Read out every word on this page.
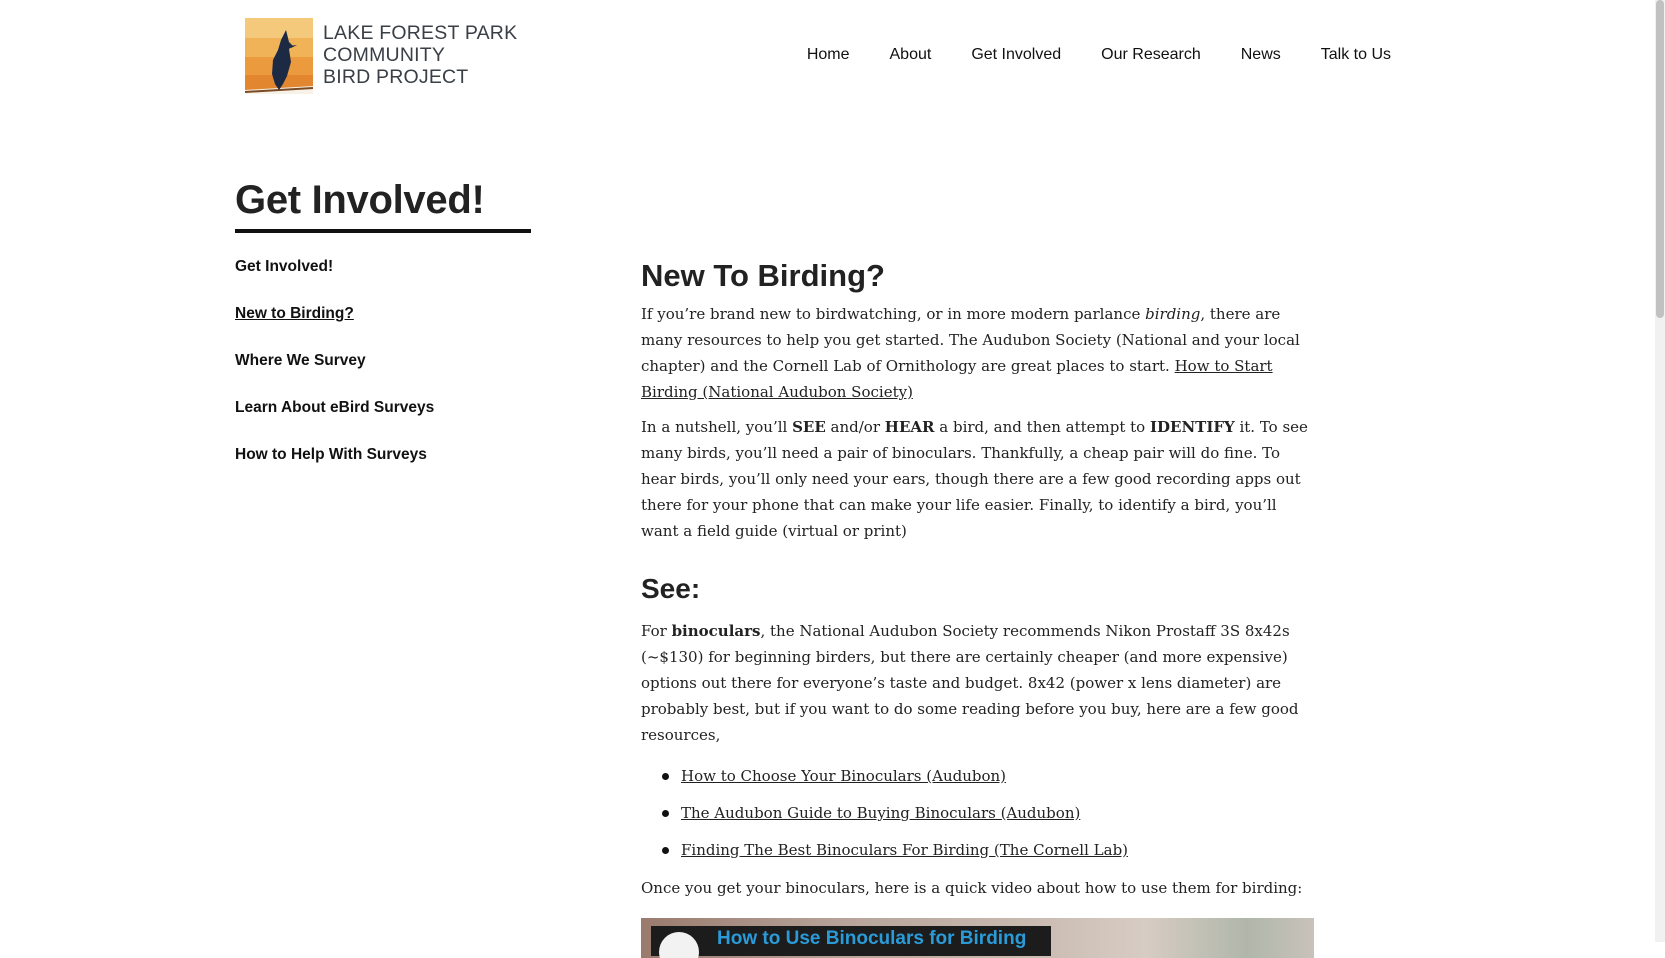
LAKE FOREST PARK
COMMUNITY
BIRD PROJECT
Home	About	Get Involved	Our Research	News	Talk to Us
Get Involved!
Get Involved!
New to Birding?
Where We Survey
Learn About eBird Surveys
How to Help With Surveys
New To Birding?

If you’re brand new to birdwatching, or in more modern parlance birding, there are many resources to help you get started. The Audubon Society (National and your local chapter) and the Cornell Lab of Ornithology are great places to start. How to Start Birding (National Audubon Society)

In a nutshell, you’ll SEE and/or HEAR a bird, and then attempt to IDENTIFY it. To see many birds, you’ll need a pair of binoculars. Thankfully, a cheap pair will do fine. To hear birds, you’ll only need your ears, though there are a few good recording apps out there for your phone that can make your life easier. Finally, to identify a bird, you’ll want a field guide (virtual or print)

See:

For binoculars, the National Audubon Society recommends Nikon Prostaff 3S 8x42s (~$130) for beginning birders, but there are certainly cheaper (and more expensive) options out there for everyone’s taste and budget. 8x42 (power x lens diameter) are probably best, but if you want to do some reading before you buy, here are a few good resources,

How to Choose Your Binoculars (Audubon)
The Audubon Guide to Buying Binoculars (Audubon)
Finding The Best Binoculars For Birding (The Cornell Lab)

Once you get your binoculars, here is a quick video about how to use them for birding:

How to Use Binoculars for Birding
